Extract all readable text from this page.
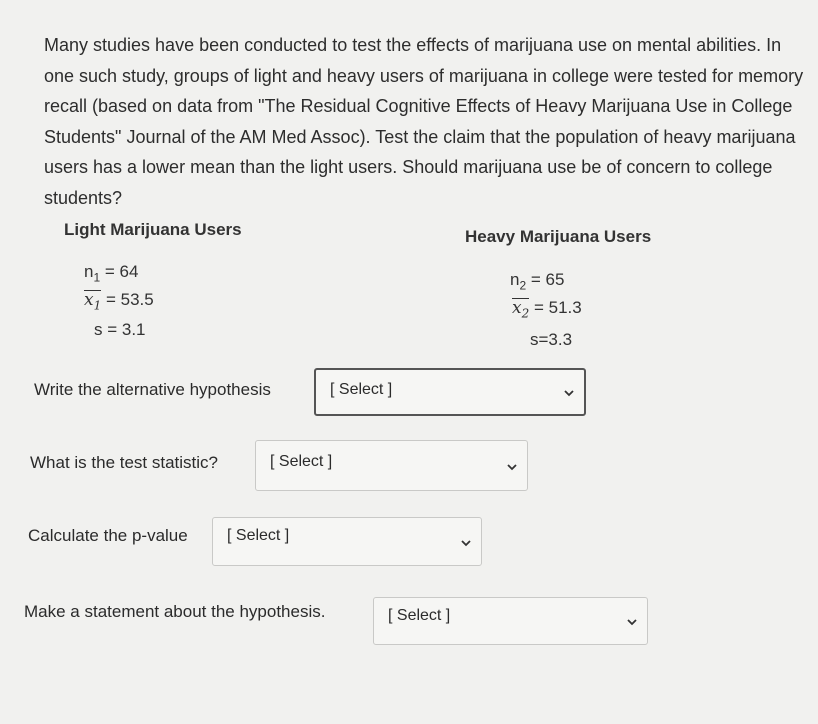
Many studies have been conducted to test the effects of marijuana use on mental abilities. In one such study, groups of light and heavy users of marijuana in college were tested for memory recall (based on data from "The Residual Cognitive Effects of Heavy Marijuana Use in College Students" Journal of the AM Med Assoc). Test the claim that the population of heavy marijuana users has a lower mean than the light users. Should marijuana use be of concern to college students?
Light Marijuana Users
$n_1 = 64$
$x_1 = 53.5$
s = 3.1
Heavy Marijuana Users
$n_2 = 65$
$x_2 = 51.3$
s=3.3
Write the alternative hypothesis	[ Select ]
What is the test statistic?	[ Select ]
Calculate the p-value [ Select ]
Make a statement about the hypothesis.	[ Select ]
